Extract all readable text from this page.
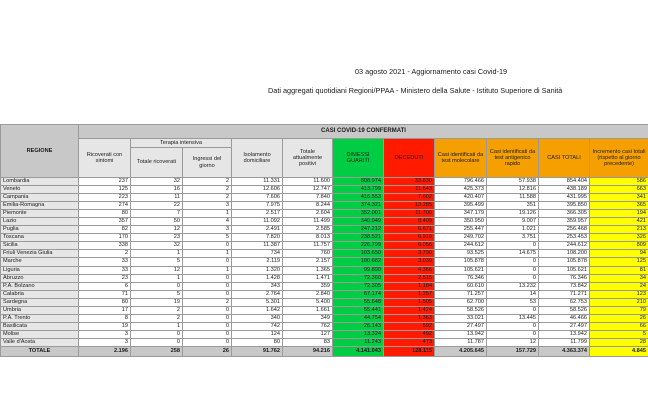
03 agosto 2021 - Aggiornamento casi Covid-19
Dati aggregati quotidiani Regioni/PPAA - Ministero della Salute - Istituto Superiore di Sanità
REGIONE	CASI COVID-19 CONFERMATI										
	Ricoverati con sintomi	Terapia intensiva		Isolamento domiciliare	Totale attualmente positivi	DIMESSI GUARITI	DECEDUTI	Casi identificati da test molecolare	Casi identificati da test antigenico rapido	CASI TOTALI	Incremento casi totali (rispetto al giorno precedente)
		Totale ricoverati	Ingressi del giorno								
Lombardia	237	32	2	11.331	11.600	808.974	33.830	796.466	57.938	854.404	586
Veneto	125	16	2	12.606	12.747	413.799	11.643	425.373	12.816	438.189	663
Campania	223	11	2	7.606	7.840	416.553	7.602	420.407	11.588	431.995	341
Emilia-Romagna	274	22	3	7.975	8.244	374.321	13.285	395.499	351	395.850	365
Piemonte	80	7	1	2.517	2.604	352.001	11.700	347.179	19.126	366.305	194
Lazio	357	50	4	11.092	11.499	340.049	8.409	350.950	9.007	359.957	421
Puglia	82	12	3	2.491	2.585	247.212	6.671	255.447	1.021	256.468	213
Toscana	170	23	5	7.820	8.013	238.521	6.919	249.702	3.751	253.453	326
Sicilia	338	32	0	11.387	11.757	226.799	6.056	244.612	0	244.612	809
Friuli Venezia Giulia	2	1	1	734	760	103.650	3.790	93.525	14.675	108.200	94
Marche	33	5	0	2.119	2.157	100.682	3.039	105.878	0	105.878	125
Liguria	33	12	1	1.320	1.365	99.890	4.366	105.621	0	105.621	81
Abruzzo	23	1	0	1.428	1.471	72.360	2.515	76.346	0	76.346	34
P.A. Bolzano	6	0	0	343	359	72.305	1.184	60.610	13.232	73.842	24
Calabria	71	5	0	2.764	2.840	67.174	1.257	71.257	14	71.271	123
Sardegna	80	19	2	5.301	5.400	55.648	1.505	62.700	53	62.753	210
Umbria	17	2	0	1.642	1.661	55.441	1.424	58.526	0	58.526	79
P.A. Trento	8	2	0	340	349	44.754	1.363	33.021	13.445	46.466	26
Basilicata	19	1	0	742	762	26.143	592	27.497	0	27.497	66
Molise	3	0	0	124	127	13.324	492	13.942	0	13.942	5
Valle d'Aosta	3	0	0	80	83	11.243	473	11.787	12	11.799	28
TOTALE	2.196	258	26	91.762	94.216	4.141.043	128.115	4.205.645	157.729	4.363.374	4.845
